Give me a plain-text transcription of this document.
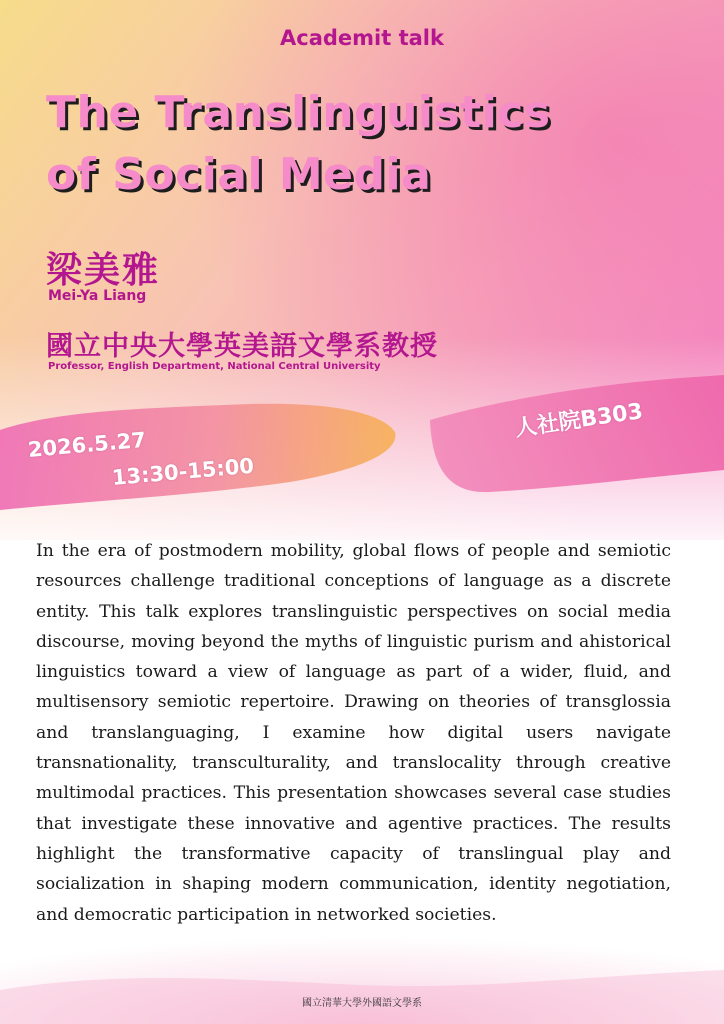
Academit talk
The Translinguistics
of Social Media
梁美雅
Mei-Ya Liang
國立中央大學英美語文學系教授
Professor, English Department, National Central University
2026.5.27
13:30-15:00
人社院B303

In the era of postmodern mobility, global flows of people and semiotic resources challenge traditional conceptions of language as a discrete entity. This talk explores translinguistic perspectives on social media discourse, moving beyond the myths of linguistic purism and ahistorical linguistics toward a view of language as part of a wider, fluid, and multisensory semiotic repertoire. Drawing on theories of transglossia and translanguaging, I examine how digital users navigate transnationality, transculturality, and translocality through creative multimodal practices. This presentation showcases several case studies that investigate these innovative and agentive practices. The results highlight the transformative capacity of translingual play and socialization in shaping modern communication, identity negotiation, and democratic participation in networked societies.

國立清華大學外國語文學系
